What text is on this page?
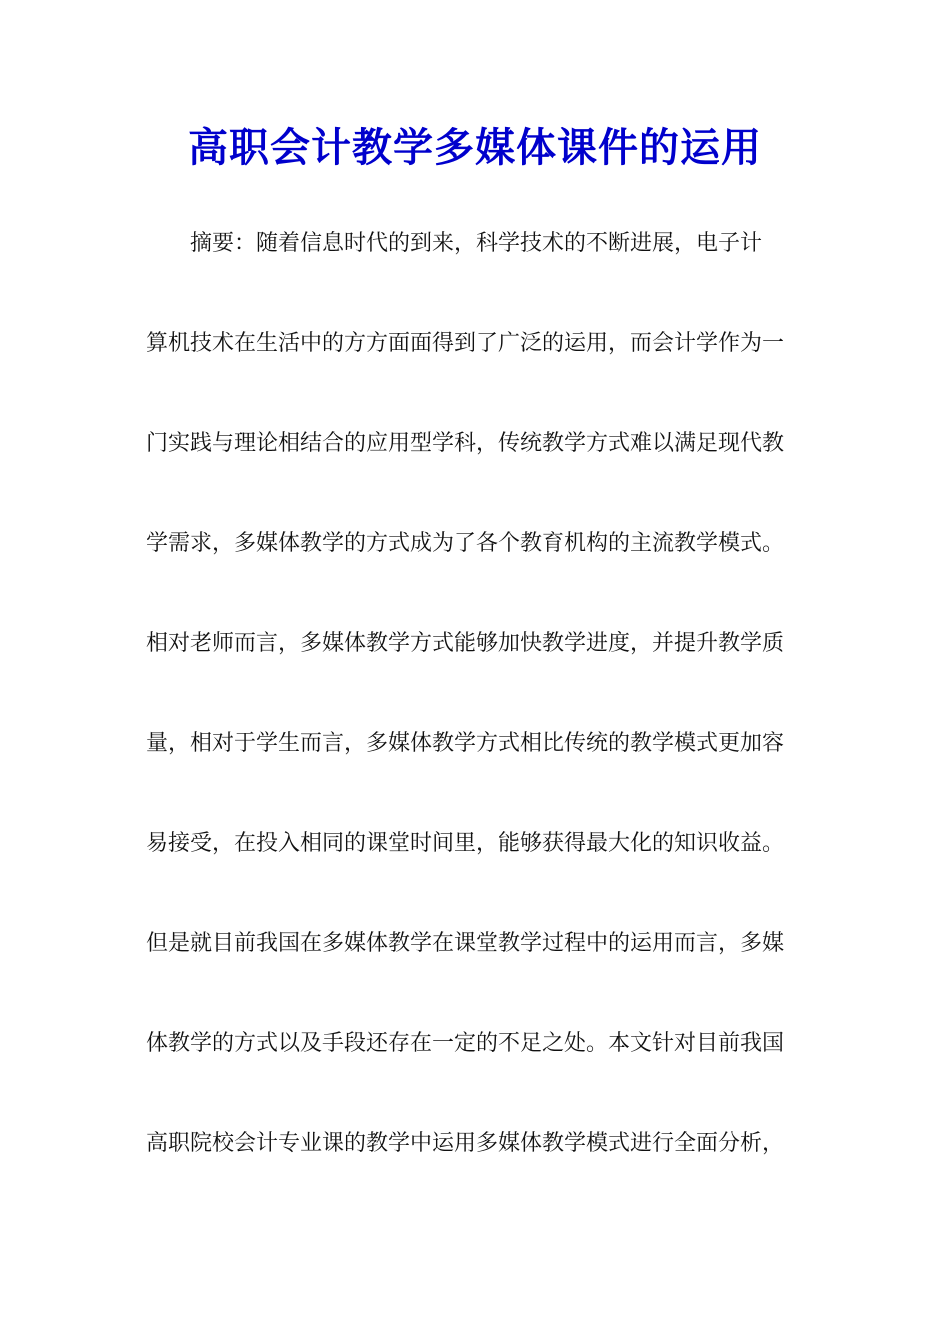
高职会计教学多媒体课件的运用
　　摘要：随着信息时代的到来，科学技术的不断进展，电子计
算机技术在生活中的方方面面得到了广泛的运用，而会计学作为一
门实践与理论相结合的应用型学科，传统教学方式难以满足现代教
学需求，多媒体教学的方式成为了各个教育机构的主流教学模式。
相对老师而言，多媒体教学方式能够加快教学进度，并提升教学质
量，相对于学生而言，多媒体教学方式相比传统的教学模式更加容
易接受，在投入相同的课堂时间里，能够获得最大化的知识收益。
但是就目前我国在多媒体教学在课堂教学过程中的运用而言，多媒
体教学的方式以及手段还存在一定的不足之处。本文针对目前我国
高职院校会计专业课的教学中运用多媒体教学模式进行全面分析，
